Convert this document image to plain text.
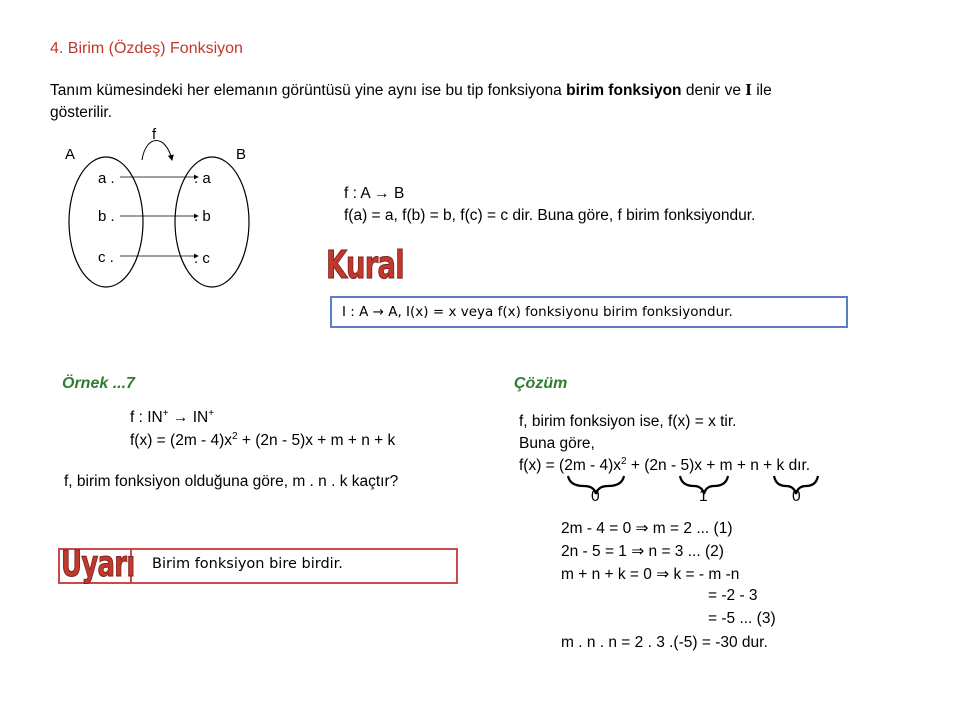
4. Birim (Özdeş) Fonksiyon
Tanım kümesindeki her elemanın görüntüsü yine aynı ise bu tip fonksiyona birim fonksiyon denir ve I ile
gösterilir.
f
A	B
a .
b .
c .
. a
. b
. c
f : A → B
f(a) = a, f(b) = b, f(c) = c dir. Buna göre, f birim fonksiyondur.
Kural
I : A → A, I(x) = x veya f(x) fonksiyonu birim fonksiyondur.
Örnek ...7
f : IN+ → IN+
$f(x) = (2m - 4)x^2 + (2n - 5)x + m + n + k$
f, birim fonksiyon olduğuna göre, m . n . k kaçtır?
Uyarı Birim fonksiyon bire birdir.
Çözüm
f, birim fonksiyon ise, f(x) = x tir.
Buna göre,
$f(x) = (2m - 4)x^2 + (2n - 5)x + m + n + k$ dır.
0	1	0
2m - 4 = 0 ⇒ m = 2 ... (1)
2n - 5 = 1 ⇒ n = 3 ... (2)
m + n + k = 0 ⇒ k = - m -n
= -2 - 3
= -5 ... (3)
m . n . n = 2 . 3 .(-5) = -30 dur.
